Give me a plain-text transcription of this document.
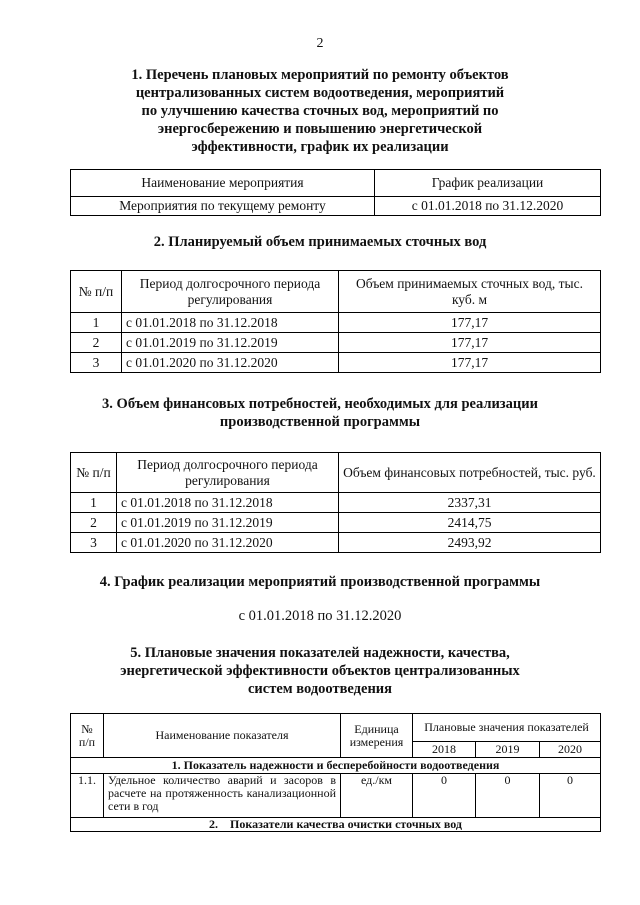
2
1. Перечень плановых мероприятий по ремонту объектов
централизованных систем водоотведения, мероприятий
по улучшению качества сточных вод, мероприятий по
энергосбережению и повышению энергетической
эффективности, график их реализации
Наименование мероприятия	График реализации
Мероприятия по текущему ремонту	с 01.01.2018 по 31.12.2020
2. Планируемый объем принимаемых сточных вод
№ п/п	Период долгосрочного периода регулирования	Объем принимаемых сточных вод, тыс. куб. м
1	с 01.01.2018 по 31.12.2018	177,17
2	с 01.01.2019 по 31.12.2019	177,17
3	с 01.01.2020 по 31.12.2020	177,17
3. Объем финансовых потребностей, необходимых для реализации
производственной программы
№ п/п	Период долгосрочного периода регулирования	Объем финансовых потребностей, тыс. руб.
1	с 01.01.2018 по 31.12.2018	2337,31
2	с 01.01.2019 по 31.12.2019	2414,75
3	с 01.01.2020 по 31.12.2020	2493,92
4. График реализации мероприятий производственной программы
с 01.01.2018 по 31.12.2020
5. Плановые значения показателей надежности, качества,
энергетической эффективности объектов централизованных
систем водоотведения
№ п/п	Наименование показателя	Единица измерения	Плановые значения показателей		
			2018	2019	2020
1. Показатель надежности и бесперебойности водоотведения					
1.1.	Удельное количество аварий и засоров в расчете на протяженность канализационной сети в год	ед./км	0	0	0
2.    Показатели качества очистки сточных вод					
